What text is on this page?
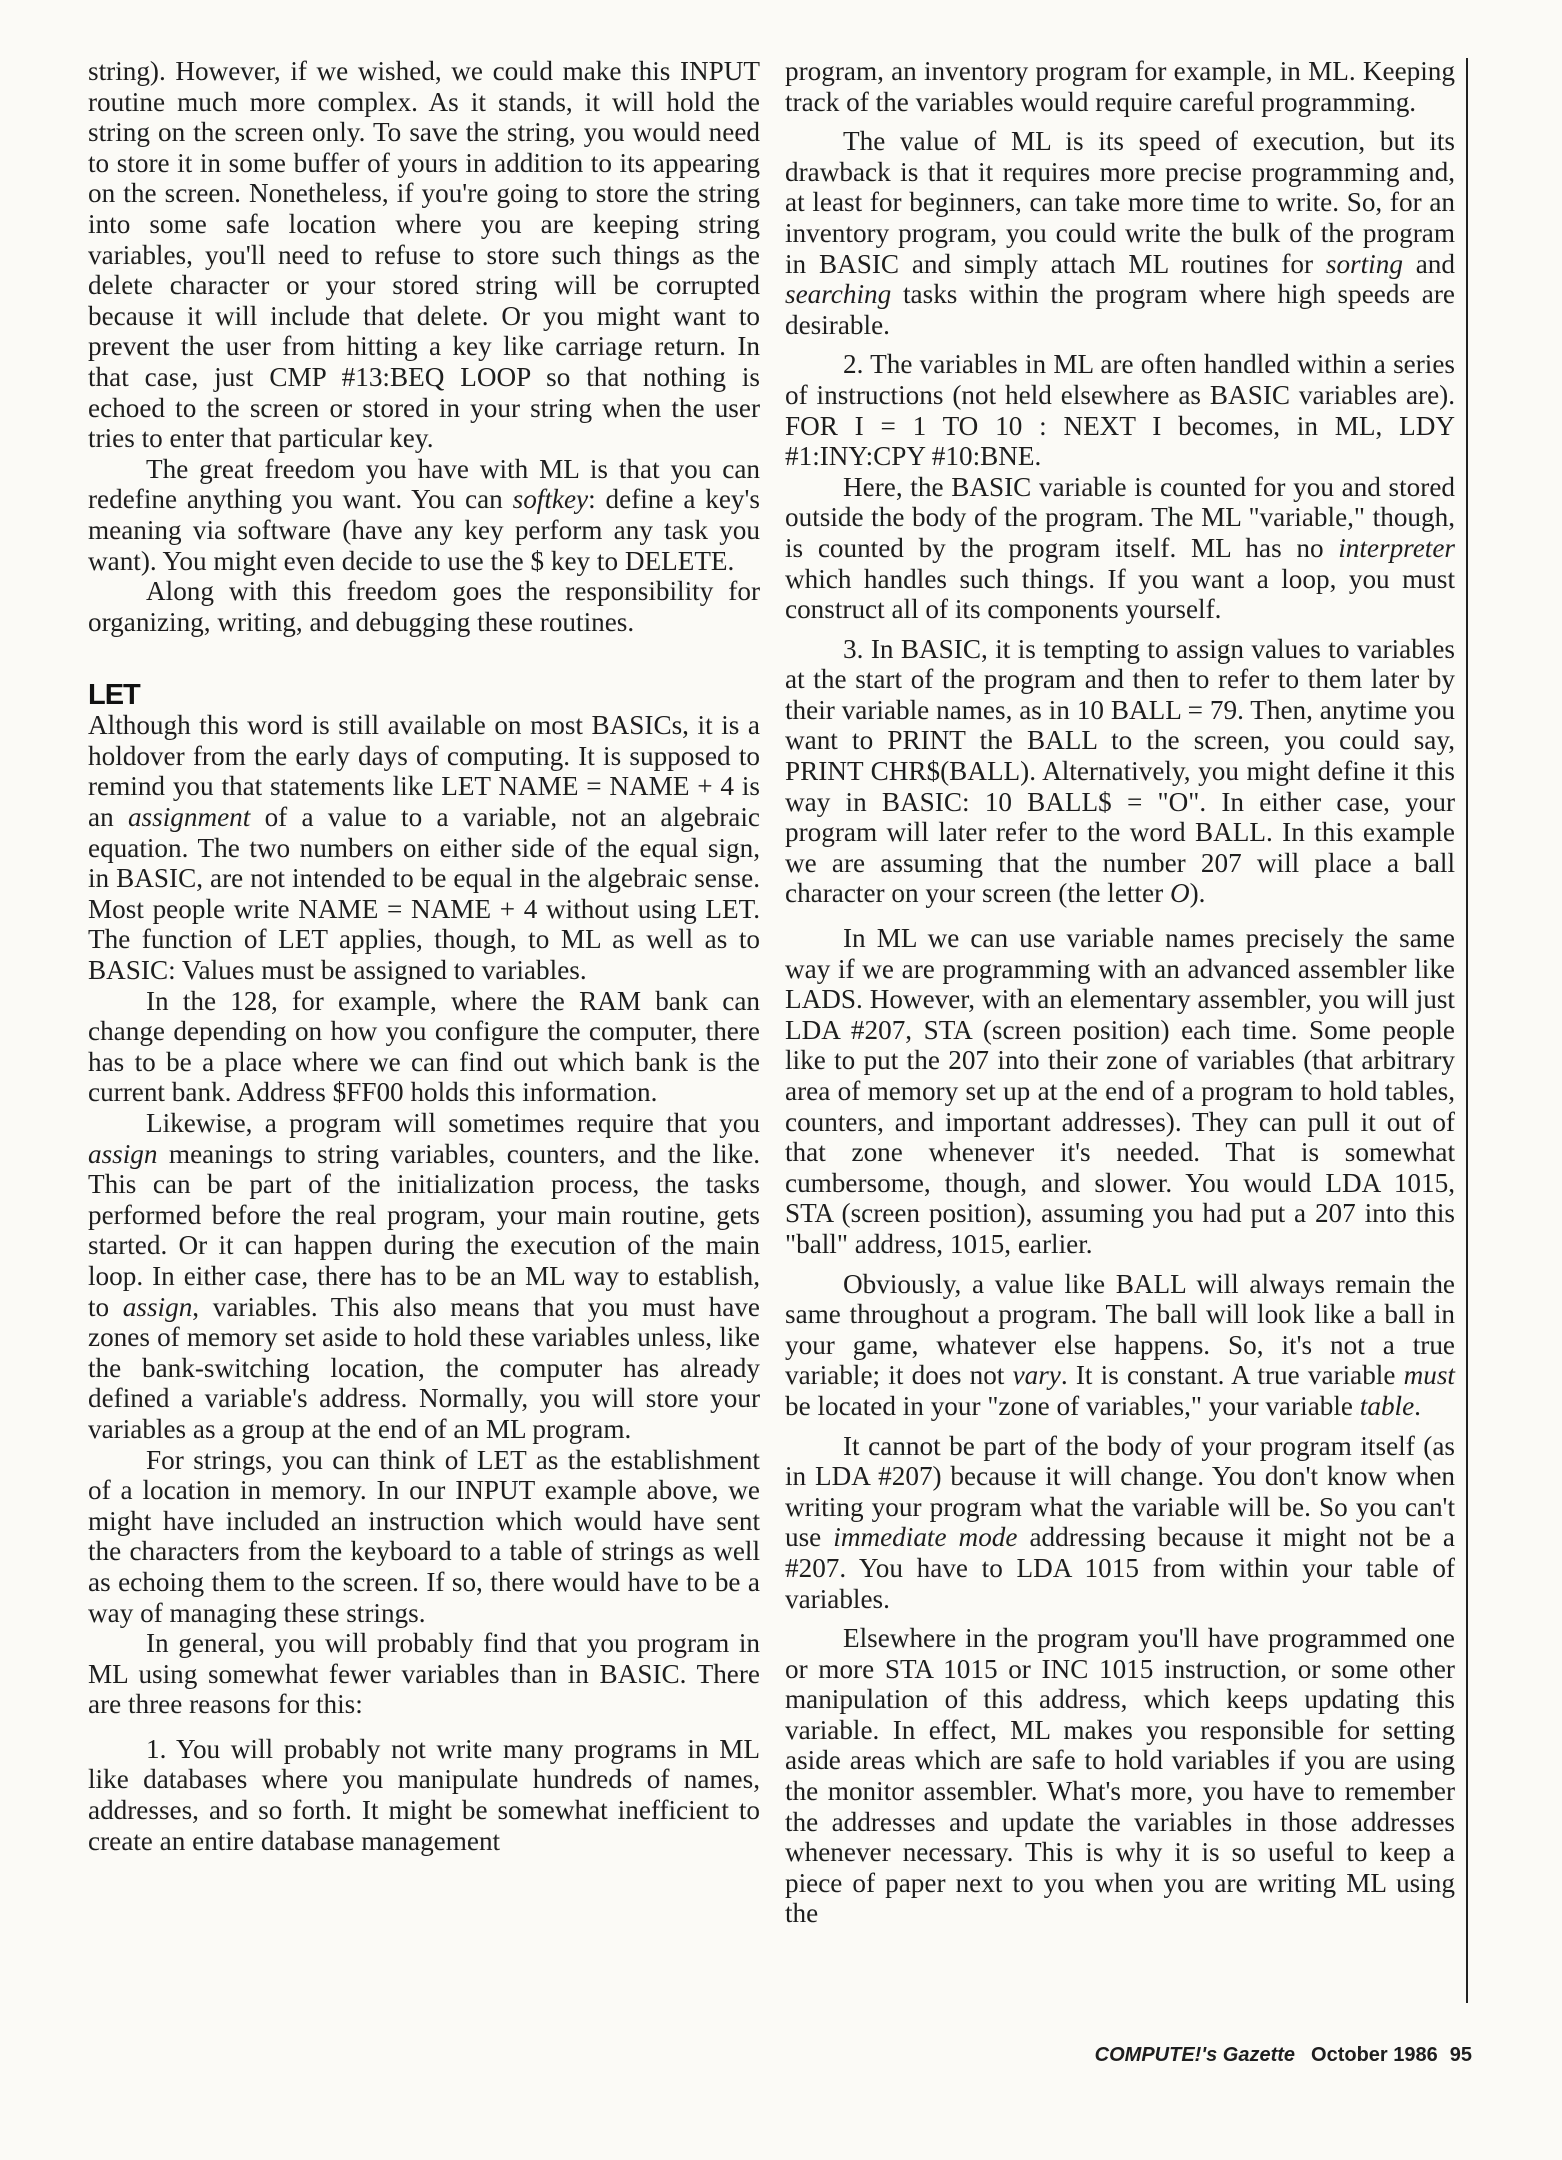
string). However, if we wished, we could make this INPUT routine much more complex. As it stands, it will hold the string on the screen only. To save the string, you would need to store it in some buffer of yours in addition to its appearing on the screen. Nonetheless, if you're going to store the string into some safe location where you are keeping string variables, you'll need to refuse to store such things as the delete character or your stored string will be corrupted because it will include that delete. Or you might want to prevent the user from hitting a key like carriage return. In that case, just CMP #13:BEQ LOOP so that nothing is echoed to the screen or stored in your string when the user tries to enter that particular key.

The great freedom you have with ML is that you can redefine anything you want. You can softkey: define a key's meaning via software (have any key perform any task you want). You might even decide to use the $ key to DELETE.

Along with this freedom goes the responsibility for organizing, writing, and debugging these routines.

LET

Although this word is still available on most BASICs, it is a holdover from the early days of computing. It is supposed to remind you that statements like LET NAME = NAME + 4 is an assignment of a value to a variable, not an algebraic equation. The two numbers on either side of the equal sign, in BASIC, are not intended to be equal in the algebraic sense. Most people write NAME = NAME + 4 without using LET. The function of LET applies, though, to ML as well as to BASIC: Values must be assigned to variables.

In the 128, for example, where the RAM bank can change depending on how you configure the computer, there has to be a place where we can find out which bank is the current bank. Address $FF00 holds this information.

Likewise, a program will sometimes require that you assign meanings to string variables, counters, and the like. This can be part of the initialization process, the tasks performed before the real program, your main routine, gets started. Or it can happen during the execution of the main loop. In either case, there has to be an ML way to establish, to assign, variables. This also means that you must have zones of memory set aside to hold these variables unless, like the bank-switching location, the computer has already defined a variable's address. Normally, you will store your variables as a group at the end of an ML program.

For strings, you can think of LET as the establishment of a location in memory. In our INPUT example above, we might have included an instruction which would have sent the characters from the keyboard to a table of strings as well as echoing them to the screen. If so, there would have to be a way of managing these strings.

In general, you will probably find that you program in ML using somewhat fewer variables than in BASIC. There are three reasons for this:

1. You will probably not write many programs in ML like databases where you manipulate hundreds of names, addresses, and so forth. It might be somewhat inefficient to create an entire database management

program, an inventory program for example, in ML. Keeping track of the variables would require careful programming.

The value of ML is its speed of execution, but its drawback is that it requires more precise programming and, at least for beginners, can take more time to write. So, for an inventory program, you could write the bulk of the program in BASIC and simply attach ML routines for sorting and searching tasks within the program where high speeds are desirable.

2. The variables in ML are often handled within a series of instructions (not held elsewhere as BASIC variables are). FOR I = 1 TO 10 : NEXT I becomes, in ML, LDY #1:INY:CPY #10:BNE.

Here, the BASIC variable is counted for you and stored outside the body of the program. The ML "variable," though, is counted by the program itself. ML has no interpreter which handles such things. If you want a loop, you must construct all of its components yourself.

3. In BASIC, it is tempting to assign values to variables at the start of the program and then to refer to them later by their variable names, as in 10 BALL = 79. Then, anytime you want to PRINT the BALL to the screen, you could say, PRINT CHR$(BALL). Alternatively, you might define it this way in BASIC: 10 BALL$ = "O". In either case, your program will later refer to the word BALL. In this example we are assuming that the number 207 will place a ball character on your screen (the letter O).

In ML we can use variable names precisely the same way if we are programming with an advanced assembler like LADS. However, with an elementary assembler, you will just LDA #207, STA (screen position) each time. Some people like to put the 207 into their zone of variables (that arbitrary area of memory set up at the end of a program to hold tables, counters, and important addresses). They can pull it out of that zone whenever it's needed. That is somewhat cumbersome, though, and slower. You would LDA 1015, STA (screen position), assuming you had put a 207 into this "ball" address, 1015, earlier.

Obviously, a value like BALL will always remain the same throughout a program. The ball will look like a ball in your game, whatever else happens. So, it's not a true variable; it does not vary. It is constant. A true variable must be located in your "zone of variables," your variable table.

It cannot be part of the body of your program itself (as in LDA #207) because it will change. You don't know when writing your program what the variable will be. So you can't use immediate mode addressing because it might not be a #207. You have to LDA 1015 from within your table of variables.

Elsewhere in the program you'll have programmed one or more STA 1015 or INC 1015 instruction, or some other manipulation of this address, which keeps updating this variable. In effect, ML makes you responsible for setting aside areas which are safe to hold variables if you are using the monitor assembler. What's more, you have to remember the addresses and update the variables in those addresses whenever necessary. This is why it is so useful to keep a piece of paper next to you when you are writing ML using the

COMPUTE!'s Gazette October 1986 95
